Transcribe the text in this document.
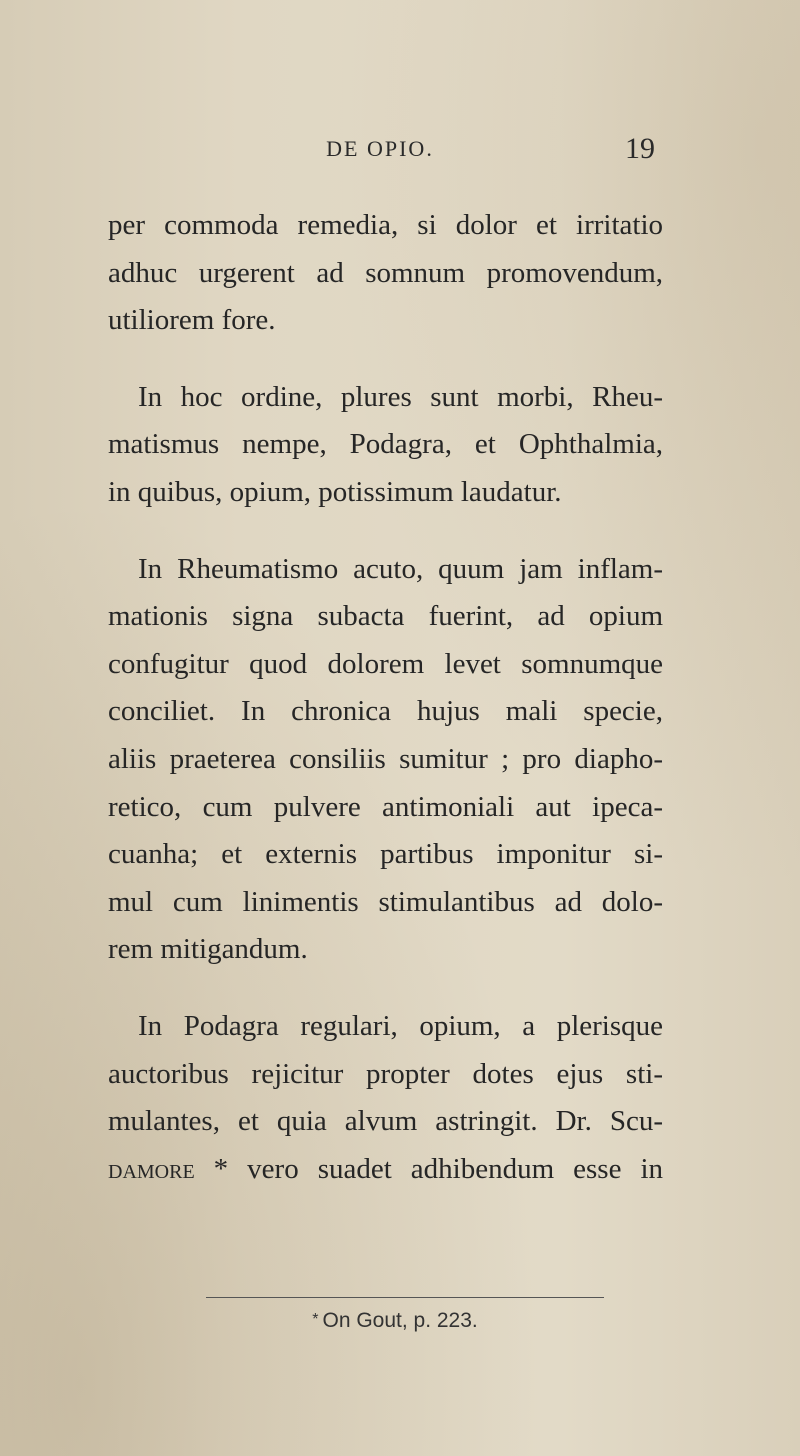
DE OPIO.	19

per commoda remedia, si dolor et irritatio
adhuc urgerent ad somnum promovendum,
utiliorem fore.

In hoc ordine, plures sunt morbi, Rheu-
matismus nempe, Podagra, et Ophthalmia,
in quibus, opium, potissimum laudatur.

In Rheumatismo acuto, quum jam inflam-
mationis signa subacta fuerint, ad opium
confugitur quod dolorem levet somnumque
conciliet. In chronica hujus mali specie,
aliis praeterea consiliis sumitur ; pro diapho-
retico, cum pulvere antimoniali aut ipeca-
cuanha; et externis partibus imponitur si-
mul cum linimentis stimulantibus ad dolo-
rem mitigandum.

In Podagra regulari, opium, a plerisque
auctoribus rejicitur propter dotes ejus sti-
mulantes, et quia alvum astringit. Dr. Scu-
damore * vero suadet adhibendum esse in

* On Gout, p. 223.
